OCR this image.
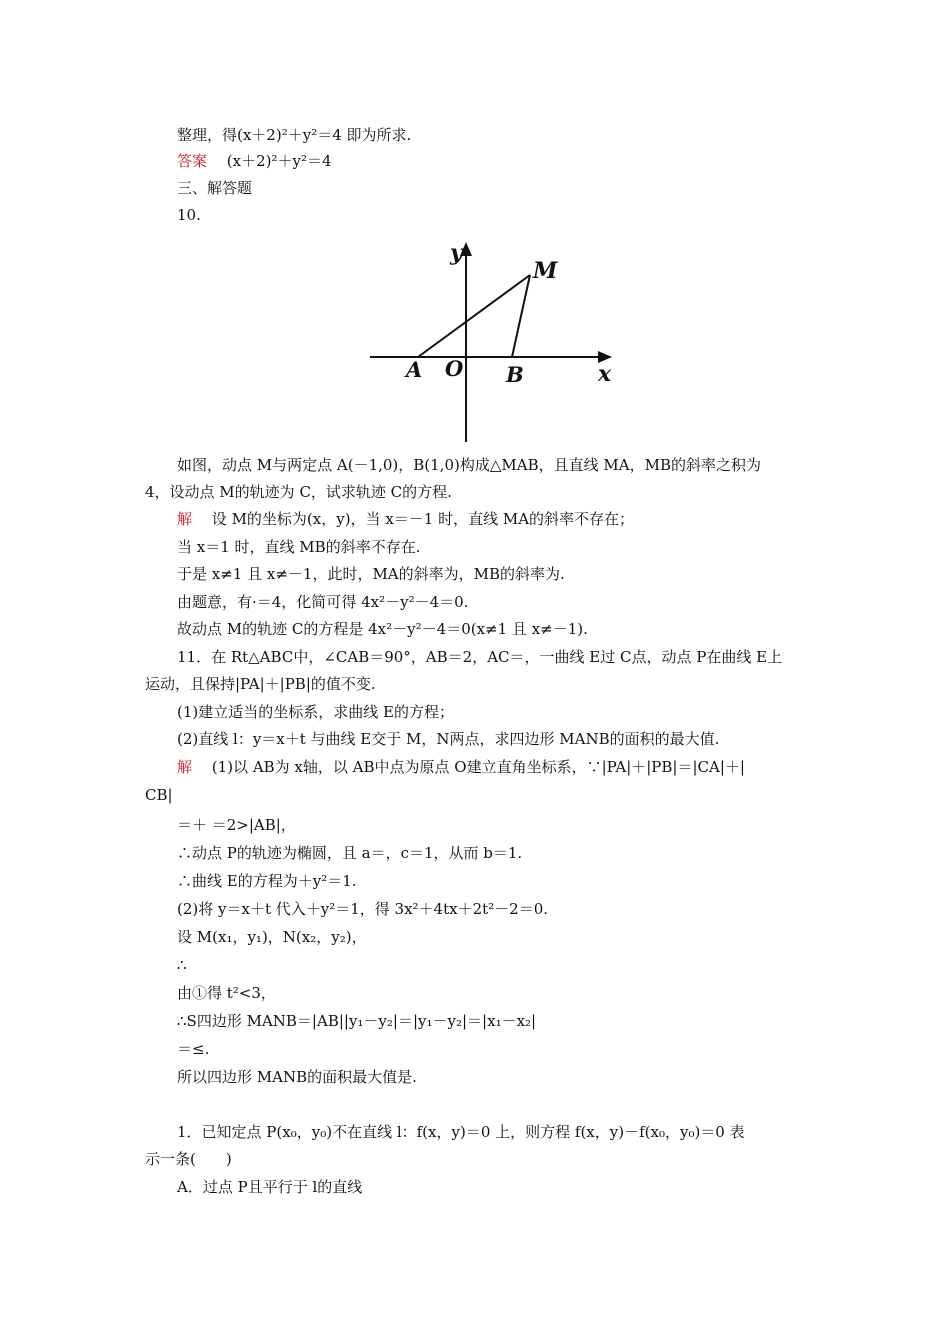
整理，得(x＋2)²＋y²＝4 即为所求.
答案　 (x＋2)²＋y²＝4
三、解答题
10.
y
M
A O B	x
如图，动点 M与两定点 A(－1,0)，B(1,0)构成△MAB，且直线 MA，MB的斜率之积为
4，设动点 M的轨迹为 C，试求轨迹 C的方程.
解　 设 M的坐标为(x，y)，当 x＝－1 时，直线 MA的斜率不存在；
当 x＝1 时，直线 MB的斜率不存在.
于是 x≠1 且 x≠－1，此时，MA的斜率为，MB的斜率为.
由题意，有·＝4，化简可得 4x²－y²－4＝0.
故动点 M的轨迹 C的方程是 4x²－y²－4＝0(x≠1 且 x≠－1).
11．在 Rt△ABC中，∠CAB＝90°，AB＝2，AC＝，一曲线 E过 C点，动点 P在曲线 E上
运动，且保持|PA|＋|PB|的值不变.
(1)建立适当的坐标系，求曲线 E的方程；
(2)直线 l：y＝x＋t 与曲线 E交于 M，N两点，求四边形 MANB的面积的最大值.
解　 (1)以 AB为 x轴，以 AB中点为原点 O建立直角坐标系，∵|PA|＋|PB|＝|CA|＋|
CB|
＝＋ ＝2>|AB|，
∴动点 P的轨迹为椭圆，且 a＝，c＝1，从而 b＝1.
∴曲线 E的方程为＋y²＝1.
(2)将 y＝x＋t 代入＋y²＝1，得 3x²＋4tx＋2t²－2＝0.
设 M(x₁，y₁)，N(x₂，y₂)，
∴
由①得 t²<3，
∴S四边形 MANB＝|AB||y₁－y₂|＝|y₁－y₂|＝|x₁－x₂|
＝≤.
所以四边形 MANB的面积最大值是.
1．已知定点 P(x₀，y₀)不在直线 l：f(x，y)＝0 上，则方程 f(x，y)－f(x₀，y₀)＝0 表
示一条(　　)
A．过点 P且平行于 l的直线
